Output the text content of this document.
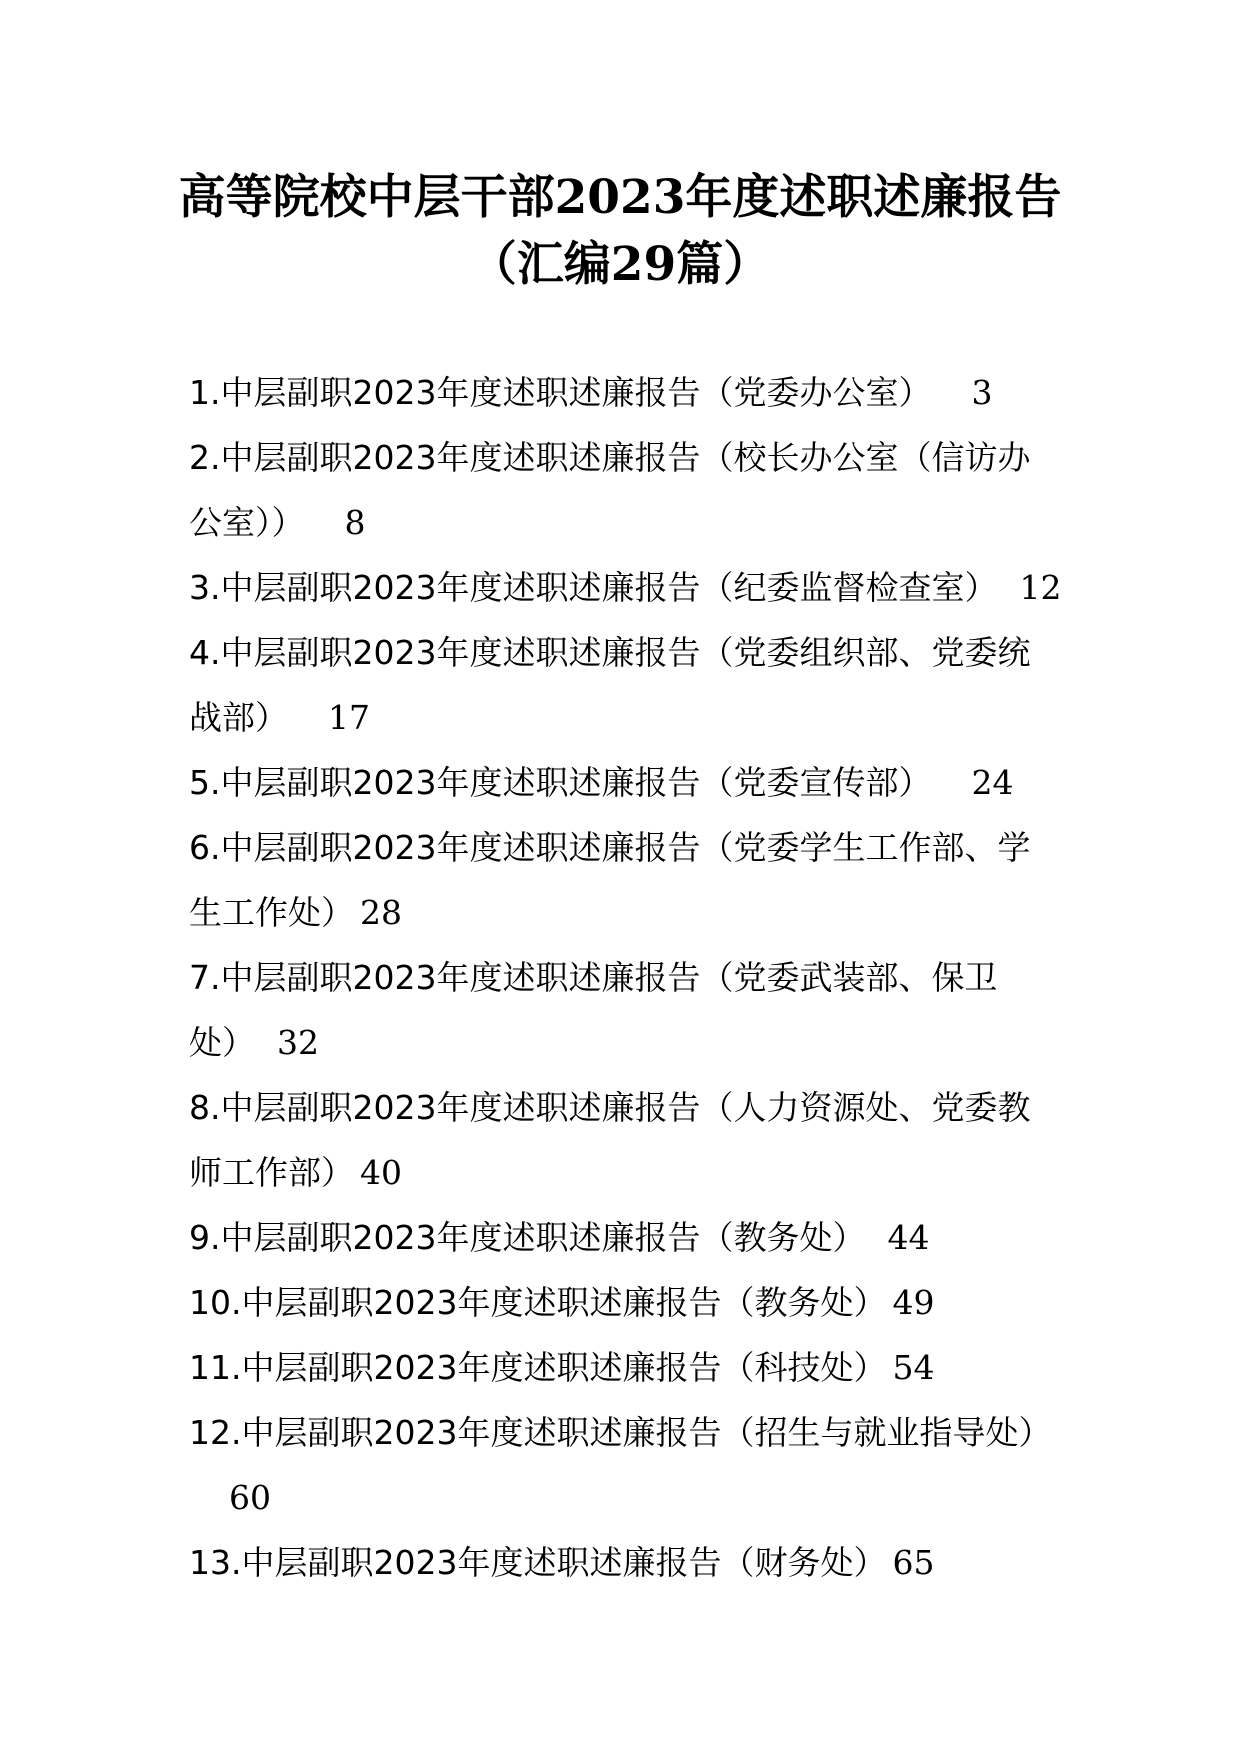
高等院校中层干部2023年度述职述廉报告
（汇编29篇）
1.中层副职2023年度述职述廉报告（党委办公室） 3
2.中层副职2023年度述职述廉报告（校长办公室（信访办
公室）） 8
3.中层副职2023年度述职述廉报告（纪委监督检查室） 12
4.中层副职2023年度述职述廉报告（党委组织部、党委统
战部） 17
5.中层副职2023年度述职述廉报告（党委宣传部） 24
6.中层副职2023年度述职述廉报告（党委学生工作部、学
生工作处） 28
7.中层副职2023年度述职述廉报告（党委武装部、保卫
处） 32
8.中层副职2023年度述职述廉报告（人力资源处、党委教
师工作部） 40
9.中层副职2023年度述职述廉报告（教务处） 44
10.中层副职2023年度述职述廉报告（教务处） 49
11.中层副职2023年度述职述廉报告（科技处） 54
12.中层副职2023年度述职述廉报告（招生与就业指导处）
60
13.中层副职2023年度述职述廉报告（财务处） 65
